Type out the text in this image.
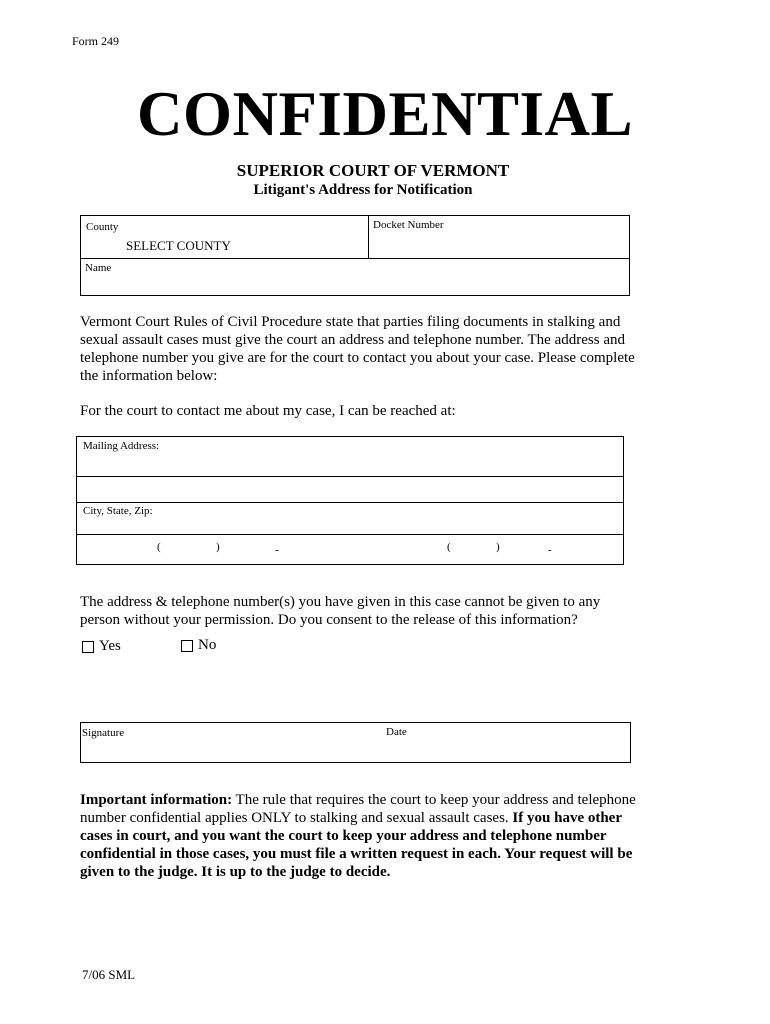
Form 249
CONFIDENTIAL
SUPERIOR COURT OF VERMONT
Litigant's Address for Notification
County
SELECT COUNTY
Docket Number
Name
Vermont Court Rules of Civil Procedure state that parties filing documents in stalking and sexual assault cases must give the court an address and telephone number. The address and telephone number you give are for the court to contact you about your case. Please complete the information below:
For the court to contact me about my case, I can be reached at:
Mailing Address:
City, State, Zip:
(	)	-	(	)	-
The address & telephone number(s) you have given in this case cannot be given to any person without your permission. Do you consent to the release of this information?
Yes	No
Signature	Date
Important information: The rule that requires the court to keep your address and telephone number confidential applies ONLY to stalking and sexual assault cases. If you have other cases in court, and you want the court to keep your address and telephone number confidential in those cases, you must file a written request in each. Your request will be given to the judge. It is up to the judge to decide.
7/06 SML
